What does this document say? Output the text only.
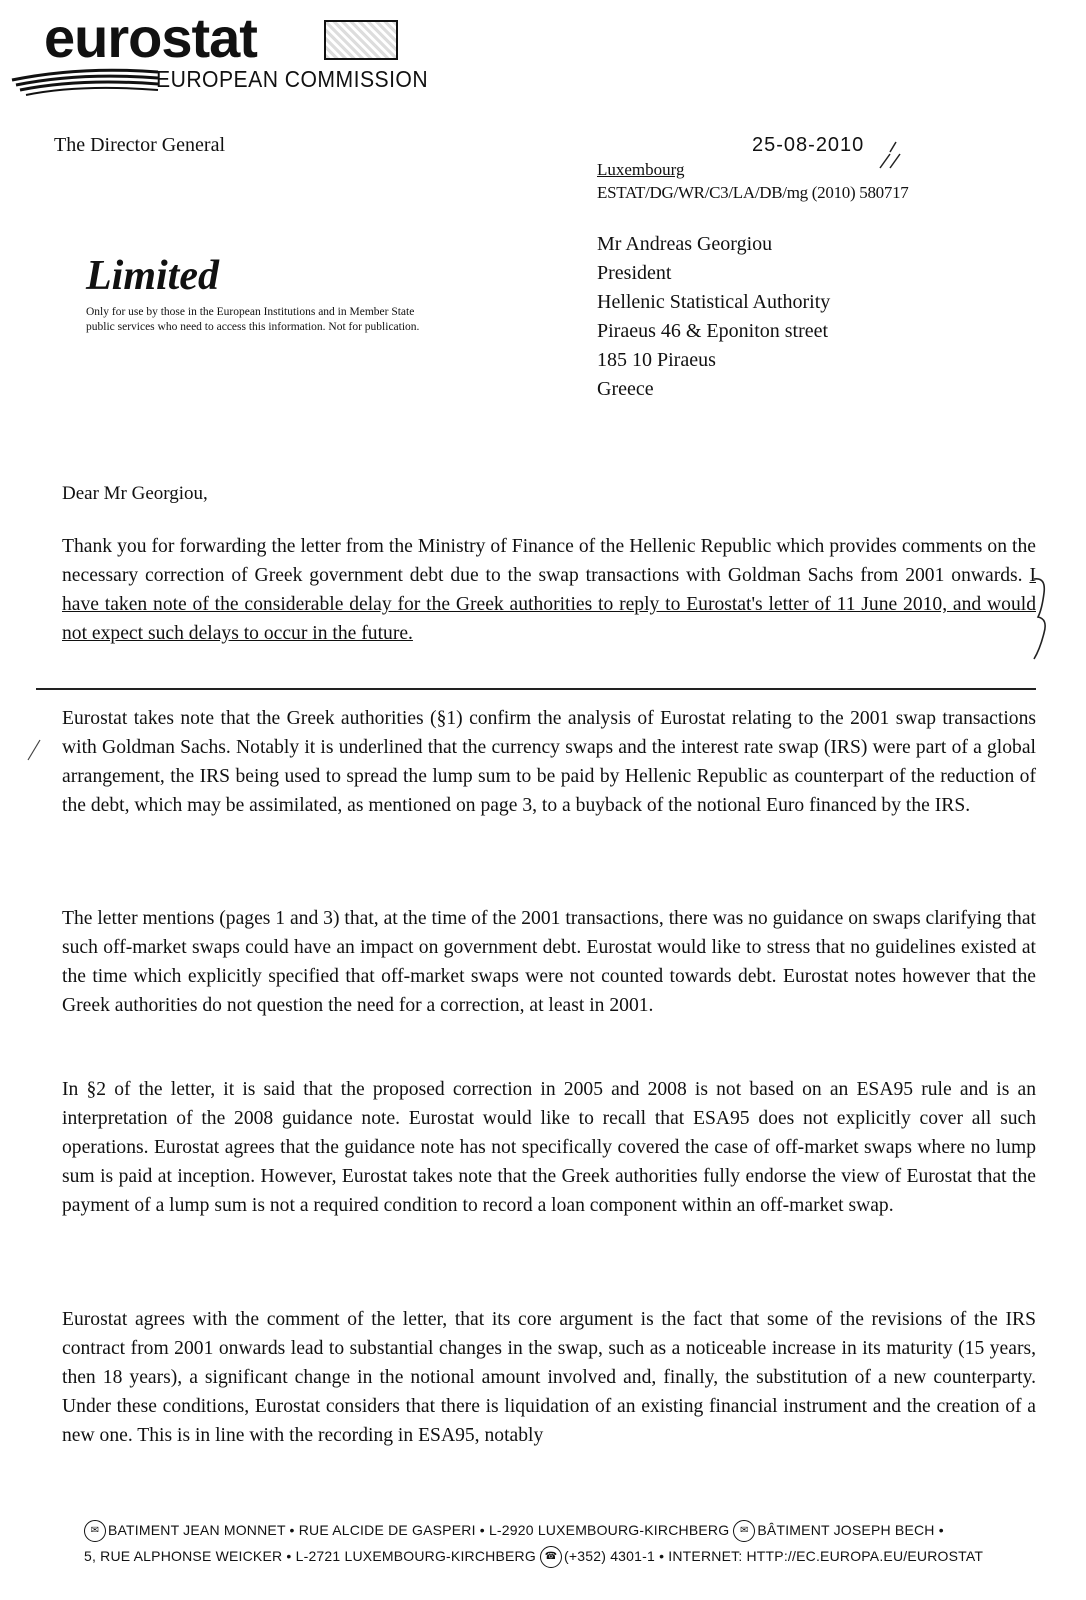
eurostat
EUROPEAN COMMISSION
The Director General	25-08-2010
Luxembourg
ESTAT/DG/WR/C3/LA/DB/mg (2010) 580717
Limited
Only for use by those in the European Institutions and in Member State public services who need to access this information. Not for publication.
Mr Andreas Georgiou
President
Hellenic Statistical Authority
Piraeus 46 & Eponiton street
185 10 Piraeus
Greece
Dear Mr Georgiou,
Thank you for forwarding the letter from the Ministry of Finance of the Hellenic Republic which provides comments on the necessary correction of Greek government debt due to the swap transactions with Goldman Sachs from 2001 onwards. I have taken note of the considerable delay for the Greek authorities to reply to Eurostat's letter of 11 June 2010, and would not expect such delays to occur in the future.
Eurostat takes note that the Greek authorities (§1) confirm the analysis of Eurostat relating to the 2001 swap transactions with Goldman Sachs. Notably it is underlined that the currency swaps and the interest rate swap (IRS) were part of a global arrangement, the IRS being used to spread the lump sum to be paid by Hellenic Republic as counterpart of the reduction of the debt, which may be assimilated, as mentioned on page 3, to a buyback of the notional Euro financed by the IRS.
The letter mentions (pages 1 and 3) that, at the time of the 2001 transactions, there was no guidance on swaps clarifying that such off-market swaps could have an impact on government debt. Eurostat would like to stress that no guidelines existed at the time which explicitly specified that off-market swaps were not counted towards debt. Eurostat notes however that the Greek authorities do not question the need for a correction, at least in 2001.
In §2 of the letter, it is said that the proposed correction in 2005 and 2008 is not based on an ESA95 rule and is an interpretation of the 2008 guidance note. Eurostat would like to recall that ESA95 does not explicitly cover all such operations. Eurostat agrees that the guidance note has not specifically covered the case of off-market swaps where no lump sum is paid at inception. However, Eurostat takes note that the Greek authorities fully endorse the view of Eurostat that the payment of a lump sum is not a required condition to record a loan component within an off-market swap.
Eurostat agrees with the comment of the letter, that its core argument is the fact that some of the revisions of the IRS contract from 2001 onwards lead to substantial changes in the swap, such as a noticeable increase in its maturity (15 years, then 18 years), a significant change in the notional amount involved and, finally, the substitution of a new counterparty. Under these conditions, Eurostat considers that there is liquidation of an existing financial instrument and the creation of a new one. This is in line with the recording in ESA95, notably
✉ BATIMENT JEAN MONNET • RUE ALCIDE DE GASPERI • L-2920 LUXEMBOURG-KIRCHBERG ✉ BÂTIMENT JOSEPH BECH •
5, RUE ALPHONSE WEICKER • L-2721 LUXEMBOURG-KIRCHBERG ☎ (+352) 4301-1 • INTERNET: HTTP://EC.EUROPA.EU/EUROSTAT
